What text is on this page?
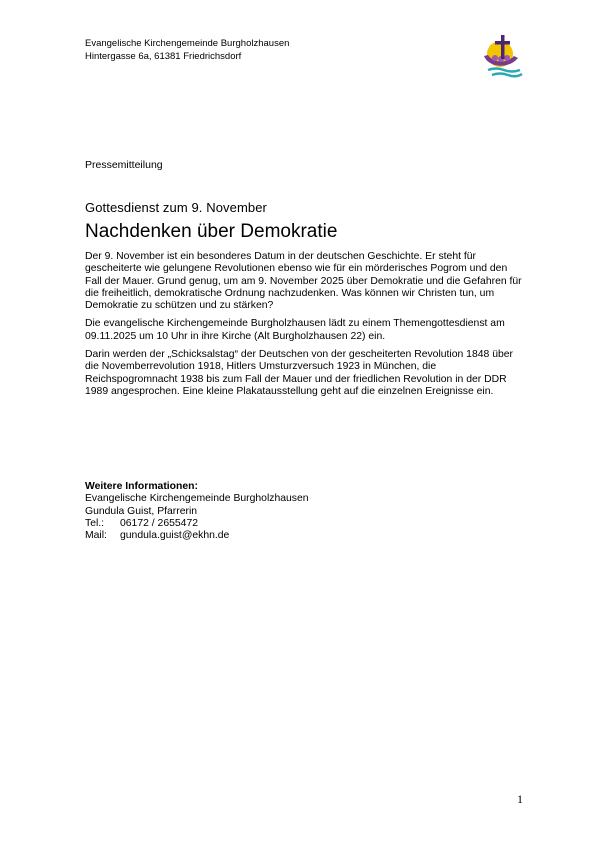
Evangelische Kirchengemeinde Burgholzhausen
Hintergasse 6a, 61381 Friedrichsdorf
Pressemitteilung
Gottesdienst zum 9. November
Nachdenken über Demokratie

Der 9. November ist ein besonderes Datum in der deutschen Geschichte. Er steht für gescheiterte wie gelungene Revolutionen ebenso wie für ein mörderisches Pogrom und den Fall der Mauer. Grund genug, um am 9. November 2025 über Demokratie und die Gefahren für die freiheitlich, demokratische Ordnung nachzudenken. Was können wir Christen tun, um Demokratie zu schützen und zu stärken?

Die evangelische Kirchengemeinde Burgholzhausen lädt zu einem Themengottesdienst am 09.11.2025 um 10 Uhr in ihre Kirche (Alt Burgholzhausen 22) ein.

Darin werden der „Schicksalstag“ der Deutschen von der gescheiterten Revolution 1848 über die Novemberrevolution 1918, Hitlers Umsturzversuch 1923 in München, die Reichspogromnacht 1938 bis zum Fall der Mauer und der friedlichen Revolution in der DDR 1989 angesprochen. Eine kleine Plakatausstellung geht auf die einzelnen Ereignisse ein.

Weitere Informationen:
Evangelische Kirchengemeinde Burgholzhausen
Gundula Guist, Pfarrerin
Tel.:	06172 / 2655472
Mail:	gundula.guist@ekhn.de
1
